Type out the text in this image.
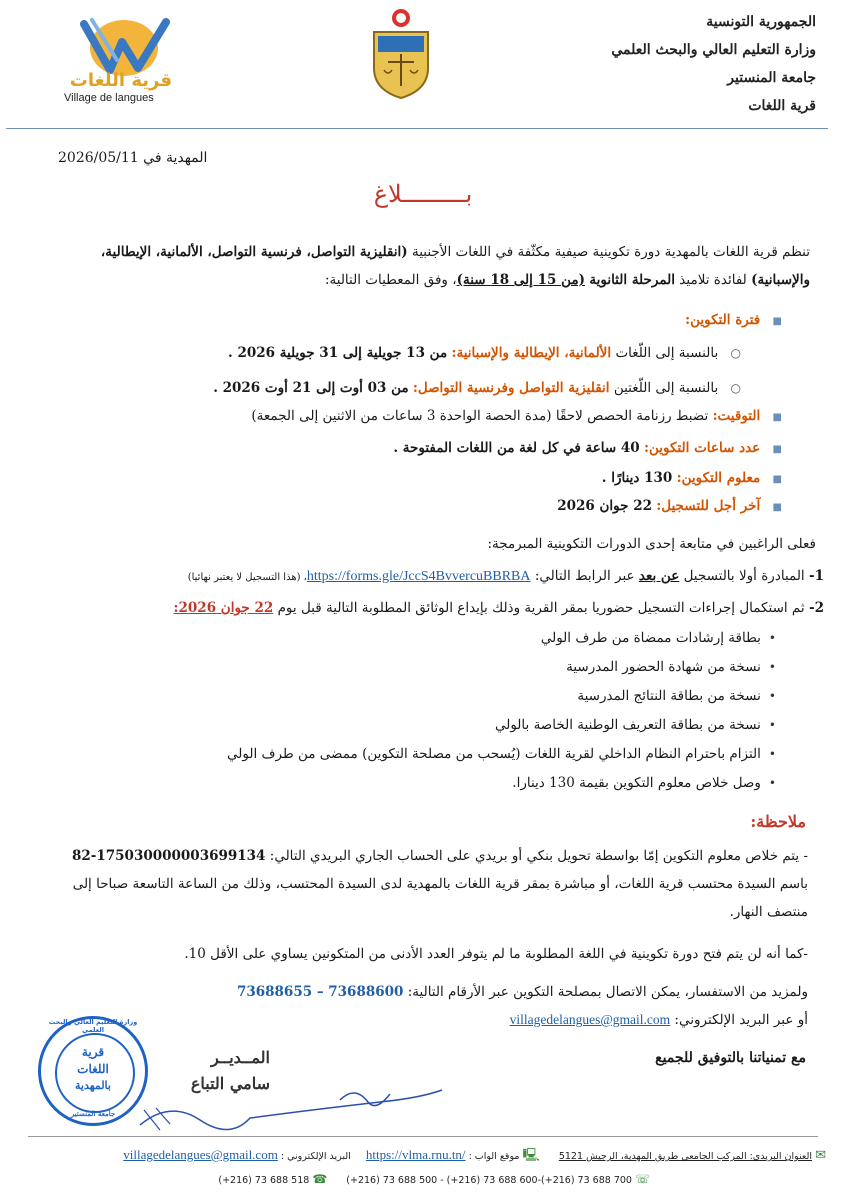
قرية اللغات
Village de langues
الجمهورية التونسية
وزارة التعليم العالي والبحث العلمي
جامعة المنستير
قرية اللغات
المهدية في 2026/05/11
بـــــــــلاغ
تنظم قرية اللغات بالمهدية دورة تكوينية صيفية مكثّفة في اللغات الأجنبية (انقليزية التواصل، فرنسية التواصل، الألمانية، الإيطالية،
والإسبانية) لفائدة تلاميذ المرحلة الثانوية (من 15 إلى 18 سنة)، وفق المعطيات التالية:
■ فترة التكوين:
○ بالنسبة إلى اللّغات الألمانية، الإيطالية والإسبانية: من 13 جويلية إلى 31 جويلية 2026 .
○ بالنسبة إلى اللّغتين انقليزية التواصل وفرنسية التواصل: من 03 أوت إلى 21 أوت 2026 .
■ التوقيت: تضبط رزنامة الحصص لاحقًا (مدة الحصة الواحدة 3 ساعات من الاثنين إلى الجمعة)
■ عدد ساعات التكوين: 40 ساعة في كل لغة من اللغات المفتوحة .
■ معلوم التكوين: 130 دينارًا .
■ آخر أجل للتسجيل: 22 جوان 2026
فعلى الراغبين في متابعة إحدى الدورات التكوينية المبرمجة:
1- المبادرة أولا بالتسجيل عن بعد عبر الرابط التالي: https://forms.gle/JccS4BvvercuBBRBA، (هذا التسجيل لا يعتبر نهائيا)
2- ثم استكمال إجراءات التسجيل حضوريا بمقر القرية وذلك بإيداع الوثائق المطلوبة التالية قبل يوم 22 جوان 2026:
•بطاقة إرشادات ممضاة من طرف الولي
•نسخة من شهادة الحضور المدرسية
•نسخة من بطاقة النتائج المدرسية
•نسخة من بطاقة التعريف الوطنية الخاصة بالولي
•التزام باحترام النظام الداخلي لقرية اللغات (يُسحب من مصلحة التكوين) ممضى من طرف الولي
•وصل خلاص معلوم التكوين بقيمة 130 دينارا.
ملاحظة:
- يتم خلاص معلوم التكوين إمّا بواسطة تحويل بنكي أو بريدي على الحساب الجاري البريدي التالي: 82-175030000003699134
باسم السيدة محتسب قرية اللغات، أو مباشرة بمقر قرية اللغات بالمهدية لدى السيدة المحتسب، وذلك من الساعة التاسعة صباحا إلى
منتصف النهار.
-كما أنه لن يتم فتح دورة تكوينية في اللغة المطلوبة ما لم يتوفر العدد الأدنى من المتكونين يساوي على الأقل 10.
ولمزيد من الاستفسار، يمكن الاتصال بمصلحة التكوين عبر الأرقام التالية: 73688655 – 73688600
أو عبر البريد الإلكتروني: villagedelangues@gmail.com
مع تمنياتنا بالتوفيق للجميع
المــديــر
سامي التباع
وزارة التعليم العالي والبحث العلمي
قرية
اللغات
بالمهدية
جامعة المنستير
✉ العنوان البريدي: المركب الجامعي طريق المهدية، الرجيش 5121 🖳 موقع الواب : https://vlma.rnu.tn/ البريد الإلكتروني : villagedelangues@gmail.com
(+216) 73 688 518 ☎ (+216) 73 688 500 - (+216) 73 688 600-(+216) 73 688 700 ☏
